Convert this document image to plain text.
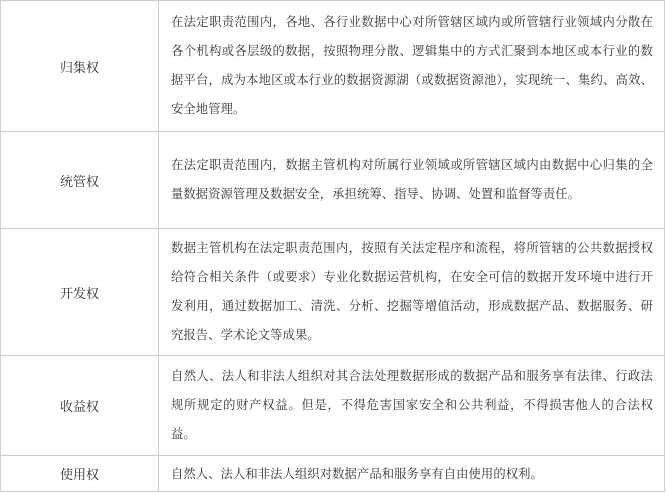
归集权	在法定职责范围内，各地、各行业数据中心对所管辖区域内或所管辖行业领域内分散在各个机构或各层级的数据，按照物理分散、逻辑集中的方式汇聚到本地区或本行业的数据平台，成为本地区或本行业的数据资源湖（或数据资源池），实现统一、集约、高效、安全地管理。
统管权	在法定职责范围内，数据主管机构对所属行业领域或所管辖区域内由数据中心归集的全量数据资源管理及数据安全，承担统筹、指导、协调、处置和监督等责任。
开发权	数据主管机构在法定职责范围内，按照有关法定程序和流程，将所管辖的公共数据授权给符合相关条件（或要求）专业化数据运营机构，在安全可信的数据开发环境中进行开发利用，通过数据加工、清洗、分析、挖掘等增值活动，形成数据产品、数据服务、研究报告、学术论文等成果。
收益权	自然人、法人和非法人组织对其合法处理数据形成的数据产品和服务享有法律、行政法规所规定的财产权益。但是，不得危害国家安全和公共利益，不得损害他人的合法权益。
使用权	自然人、法人和非法人组织对数据产品和服务享有自由使用的权利。
